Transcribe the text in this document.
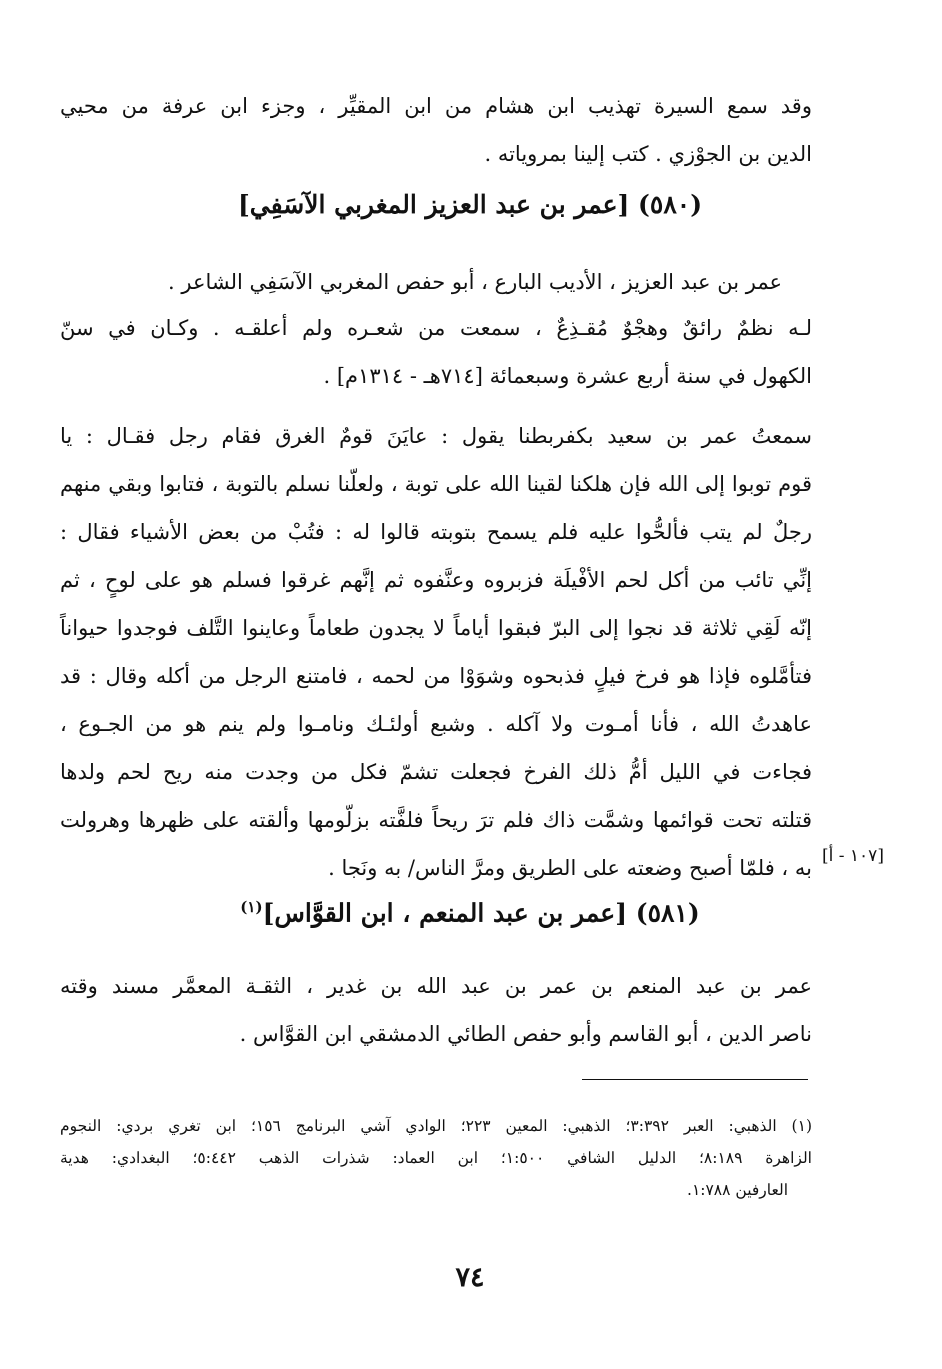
وقد سمع السيرة تهذيب ابن هشام من ابن المقيِّر ، وجزء ابن عرفة من محيي
الدين بن الجوْزي . كتب إلينا بمروياته .
(٥٨٠) [عمر بن عبد العزيز المغربي الآسَفِي]
عمر بن عبد العزيز ، الأديب البارع ، أبو حفص المغربي الآسَفِي الشاعر .
لـه نظمٌ رائقٌ وهجْوٌ مُقـذِعٌ ، سمعت من شعـره ولم أعلقـه . وكـان في سنّ
الكهول في سنة أربع عشرة وسبعمائة [٧١٤هـ - ١٣١٤م] .
سمعتُ عمر بن سعيد بكفربطنا يقول : عايَنَ قومٌ الغرق فقام رجل فقـال : يا
قوم توبوا إلى الله فإن هلكنا لقينا الله على توبة ، ولعلّنا نسلم بالتوبة ، فتابوا وبقي منهم
رجلٌ لم يتب فألحُّوا عليه فلم يسمح بتوبته قالوا له : فتُبْ من بعض الأشياء فقال :
إنِّي تائب من أكل لحم الأفْيلَة فزبروه وعنَّفوه ثم إنَّهم غرقوا فسلم هو على لوحٍ ، ثم
إنّه لَقِي ثلاثة قد نجوا إلى البرّ فبقوا أياماً لا يجدون طعاماً وعاينوا التَّلف فوجدوا حيواناً
فتأمَّلوه فإذا هو فرخ فيلٍ فذبحوه وشوَوْا من لحمه ، فامتنع الرجل من أكله وقال : قد
عاهدتُ الله ، فأنا أمـوت ولا آكله . وشبع أولئـك ونامـوا ولم ينم هو من الجـوع ،
فجاءت في الليل أمُّ ذلك الفرخ فجعلت تشمّ فكل من وجدت منه ريح لحم ولدها
قتلته تحت قوائمها وشمَّت ذاك فلم ترَ ريحاً فلفَّته بزلّومها وألقته على ظهرها وهرولت
به ، فلمّا أصبح وضعته على الطريق ومرَّ الناس/ به ونَجا . [١٠٧ - أ]
(٥٨١) [عمر بن عبد المنعم ، ابن القوَّاس]$^{(١)}$
عمر بن عبد المنعم بن عمر بن عبد الله بن غدير ، الثقـة المعمَّر مسند وقته
ناصر الدين ، أبو القاسم وأبو حفص الطائي الدمشقي ابن القوَّاس .
(١) الذهبي: العبر ٣:٣٩٢؛ الذهبي: المعين ٢٢٣؛ الوادي آشي البرنامج ١٥٦؛ ابن تغري بردي: النجوم
الزاهرة ٨:١٨٩؛ الدليل الشافي ١:٥٠٠؛ ابن العماد: شذرات الذهب ٥:٤٤٢؛ البغدادي: هدية
العارفين ١:٧٨٨.
٧٤
